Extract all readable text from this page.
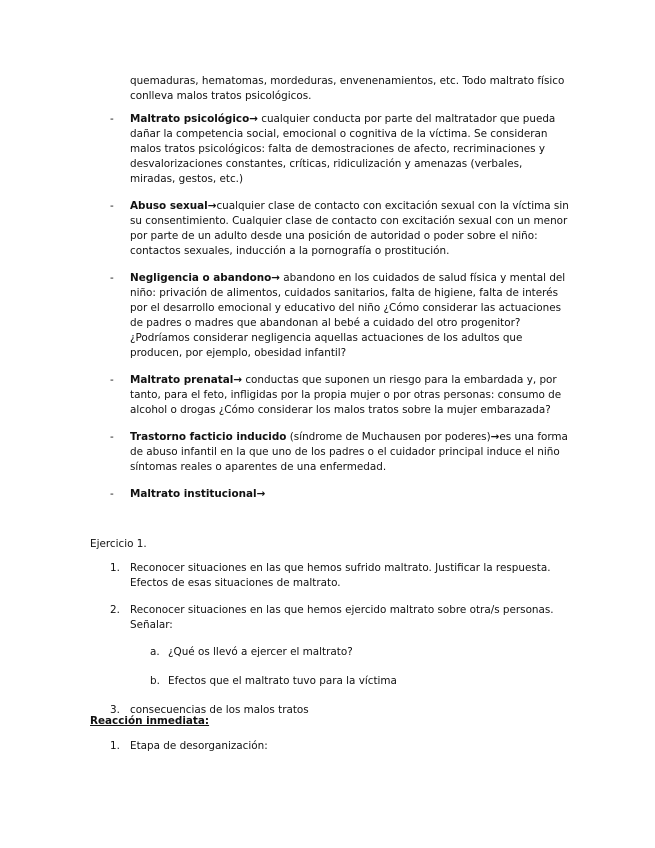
quemaduras, hematomas, mordeduras, envenenamientos, etc. Todo maltrato físico conlleva malos tratos psicológicos.

- Maltrato psicológico→ cualquier conducta por parte del maltratador que pueda dañar la competencia social, emocional o cognitiva de la víctima. Se consideran malos tratos psicológicos: falta de demostraciones de afecto, recriminaciones y desvalorizaciones constantes, críticas, ridiculización y amenazas (verbales, miradas, gestos, etc.)
- Abuso sexual→cualquier clase de contacto con excitación sexual con la víctima sin su consentimiento. Cualquier clase de contacto con excitación sexual con un menor por parte de un adulto desde una posición de autoridad o poder sobre el niño: contactos sexuales, inducción a la pornografía o prostitución.
- Negligencia o abandono→ abandono en los cuidados de salud física y mental del niño: privación de alimentos, cuidados sanitarios, falta de higiene, falta de interés por el desarrollo emocional y educativo del niño ¿Cómo considerar las actuaciones de padres o madres que abandonan al bebé a cuidado del otro progenitor? ¿Podríamos considerar negligencia aquellas actuaciones de los adultos que producen, por ejemplo, obesidad infantil?
- Maltrato prenatal→ conductas que suponen un riesgo para la embardada y, por tanto, para el feto, infligidas por la propia mujer o por otras personas: consumo de alcohol o drogas ¿Cómo considerar los malos tratos sobre la mujer embarazada?
- Trastorno facticio inducido (síndrome de Muchausen por poderes)→es una forma de abuso infantil en la que uno de los padres o el cuidador principal induce el niño síntomas reales o aparentes de una enfermedad.
- Maltrato institucional→
Ejercicio 1.
1. Reconocer situaciones en las que hemos sufrido maltrato. Justificar la respuesta. Efectos de esas situaciones de maltrato.
2. Reconocer situaciones en las que hemos ejercido maltrato sobre otra/s personas. Señalar:
a. ¿Qué os llevó a ejercer el maltrato?
b. Efectos que el maltrato tuvo para la víctima
3. consecuencias de los malos tratos
Reacción inmediata:
1. Etapa de desorganización:
